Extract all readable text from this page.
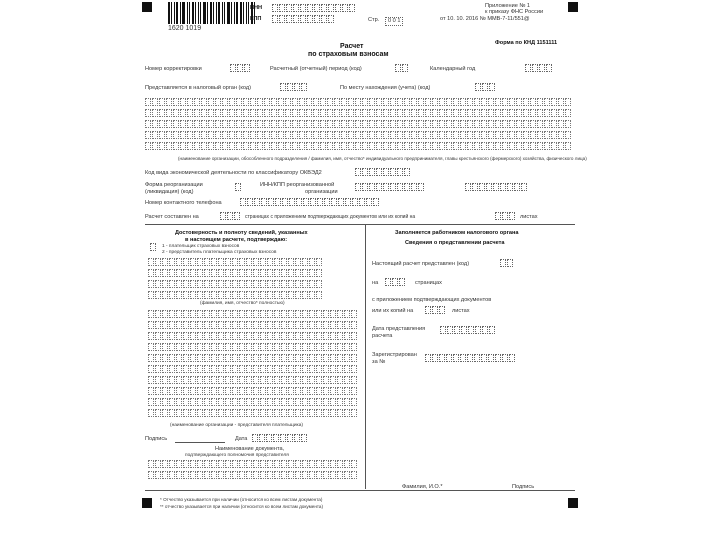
1620 1019
ИНН
КПП	Стр.	0 0 1
Приложение № 1
к приказу ФНС России
от 10. 10. 2016 № ММВ-7-11/551@
Форма по КНД 1151111
Расчет
по страховым взносам
Номер корректировки	Расчетный (отчетный) период (код)	Календарный год
Представляется в налоговый орган (код)	По месту нахождения (учета) (код)
(наименование организации, обособленного подразделения / фамилия, имя, отчество* индивидуального предпринимателя, главы крестьянского (фермерского) хозяйства, физического лица)
Код вида экономической деятельности по классификатору ОКВЭД2
Форма реорганизации
(ликвидация) (код)
ИНН/КПП реорганизованной
организации
Номер контактного телефона
Расчет составлен на	страницах с приложением подтверждающих документов или их копий на	листах
Достоверность и полноту сведений, указанных
в настоящем расчете, подтверждаю:
1 - плательщик страховых взносов
2 - представитель плательщика страховых взносов
(фамилия, имя, отчество* полностью)
(наименование организации - представителя плательщика)
Подпись	Дата
Наименование документа,
подтверждающего полномочия представителя
Заполняется работником налогового органа
Сведения о представлении расчета
Настоящий расчет представлен (код)
на	страницах
с приложением подтверждающих документов
или их копий на	листах
Дата представления
расчета
Зарегистрирован
за №
Фамилия, И.О.*	Подпись
* Отчество указывается при наличии (относится ко всем листам документа)
** отчество указывается при наличии (относится ко всем листам документа)
